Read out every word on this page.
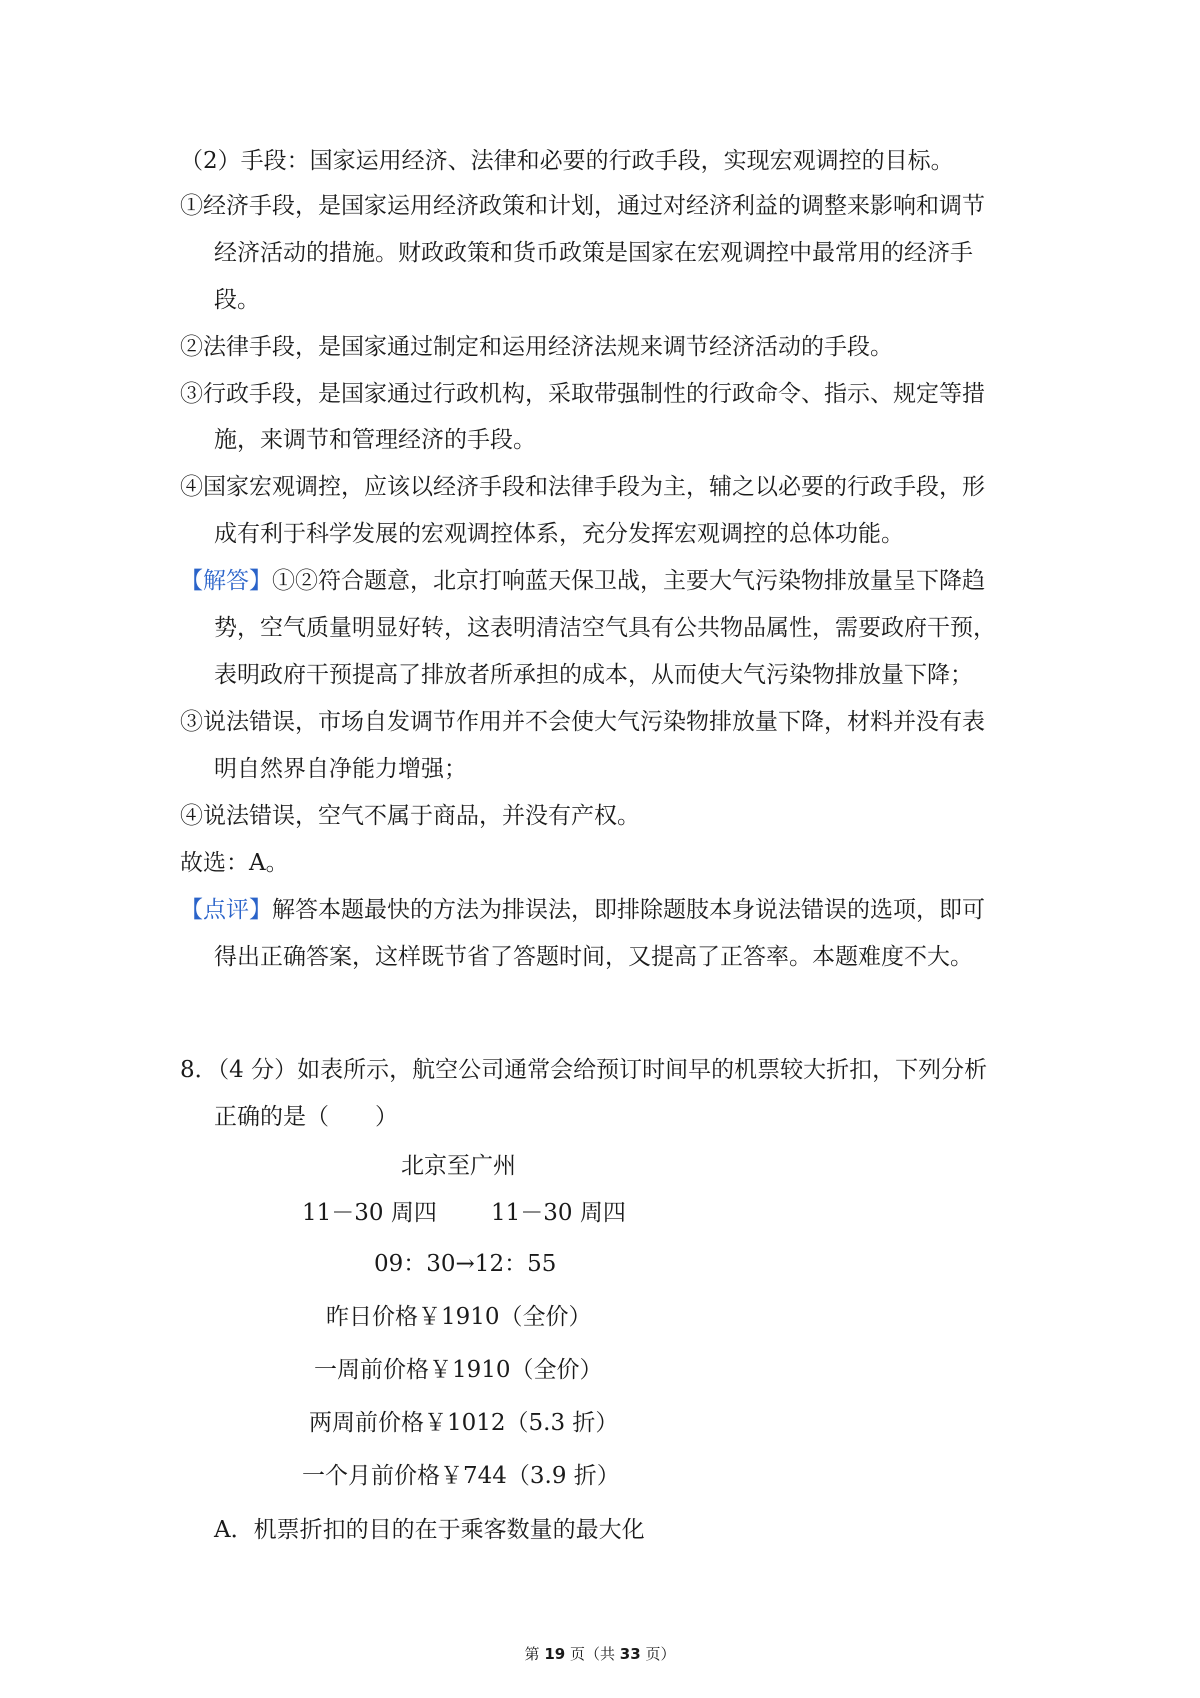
（2）手段：国家运用经济、法律和必要的行政手段，实现宏观调控的目标。
①经济手段，是国家运用经济政策和计划，通过对经济利益的调整来影响和调节
经济活动的措施。财政政策和货币政策是国家在宏观调控中最常用的经济手
段。
②法律手段，是国家通过制定和运用经济法规来调节经济活动的手段。
③行政手段，是国家通过行政机构，采取带强制性的行政命令、指示、规定等措
施，来调节和管理经济的手段。
④国家宏观调控，应该以经济手段和法律手段为主，辅之以必要的行政手段，形
成有利于科学发展的宏观调控体系，充分发挥宏观调控的总体功能。
【解答】①②符合题意，北京打响蓝天保卫战，主要大气污染物排放量呈下降趋
势，空气质量明显好转，这表明清洁空气具有公共物品属性，需要政府干预，
表明政府干预提高了排放者所承担的成本，从而使大气污染物排放量下降；
③说法错误，市场自发调节作用并不会使大气污染物排放量下降，材料并没有表
明自然界自净能力增强；
④说法错误，空气不属于商品，并没有产权。
故选：A。
【点评】解答本题最快的方法为排误法，即排除题肢本身说法错误的选项，即可
得出正确答案，这样既节省了答题时间，又提高了正答率。本题难度不大。
8．（4 分）如表所示，航空公司通常会给预订时间早的机票较大折扣，下列分析
正确的是（　　）
北京至广州
11－30 周四 11－30 周四
09：30→12：55
昨日价格￥1910（全价）
一周前价格￥1910（全价）
两周前价格￥1012（5.3 折）
一个月前价格￥744（3.9 折）
A．机票折扣的目的在于乘客数量的最大化
第 19 页（共 33 页）
